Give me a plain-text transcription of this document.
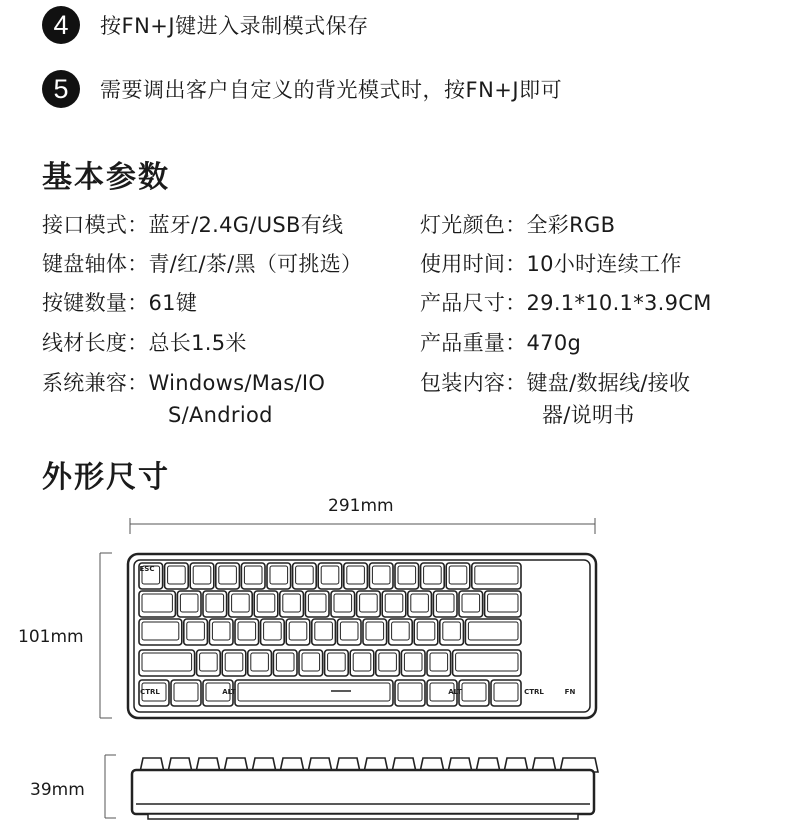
4	按FN+J键进入录制模式保存
5	需要调出客户自定义的背光模式时，按FN+J即可
基本参数
接口模式：蓝牙/2.4G/USB有线	灯光颜色：全彩RGB
键盘轴体：青/红/茶/黑（可挑选）	使用时间：10小时连续工作
按键数量：61键	产品尺寸：29.1*10.1*3.9CM
线材长度：总长1.5米	产品重量：470g
系统兼容：Windows/Mas/IO
S/Andriod
包装内容：键盘/数据线/接收
器/说明书
外形尺寸
291mm
101mm
39mm
ESC
CTRL	ALT	ALT	CTRL	FN
